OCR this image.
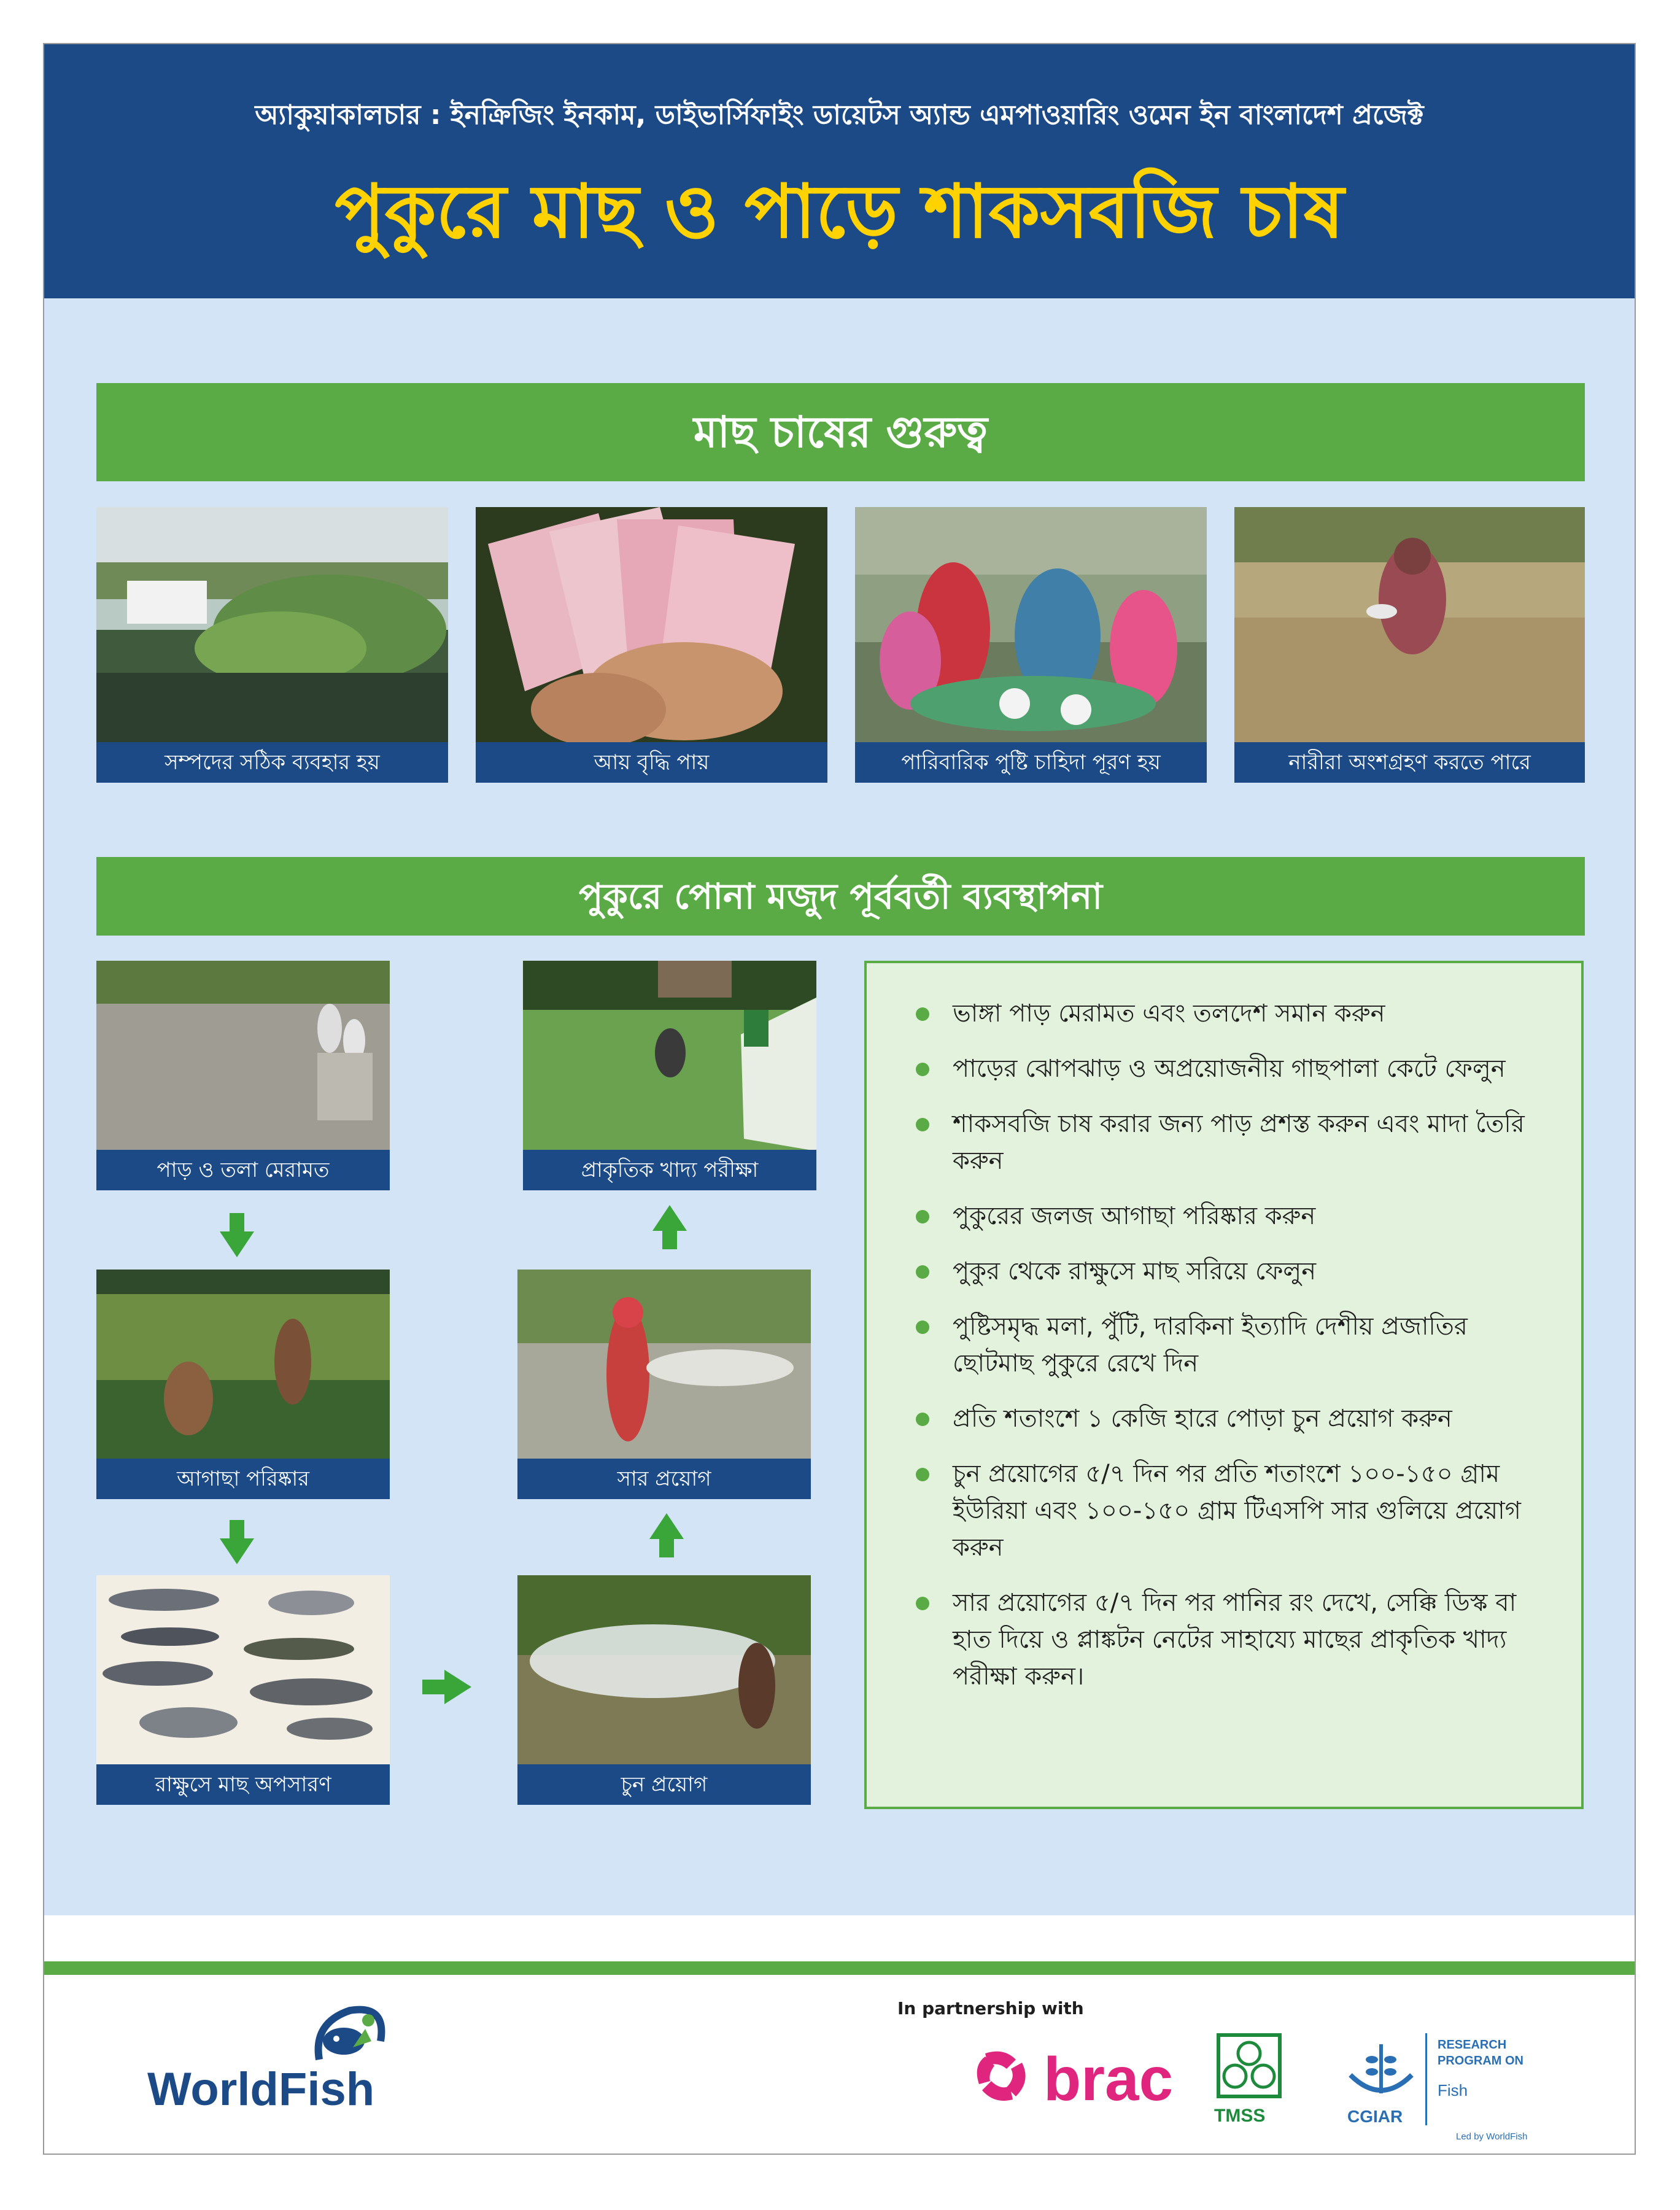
অ্যাকুয়াকালচার : ইনক্রিজিং ইনকাম, ডাইভার্সিফাইং ডায়েটস অ্যান্ড এমপাওয়ারিং ওমেন ইন বাংলাদেশ প্রজেক্ট
পুকুরে মাছ ও পাড়ে শাকসবজি চাষ
মাছ চাষের গুরুত্ব
সম্পদের সঠিক ব্যবহার হয়	আয় বৃদ্ধি পায়	পারিবারিক পুষ্টি চাহিদা পূরণ হয়	নারীরা অংশগ্রহণ করতে পারে
পুকুরে পোনা মজুদ পূর্ববর্তী ব্যবস্থাপনা
পাড় ও তলা মেরামত
আগাছা পরিষ্কার
রাক্ষুসে মাছ অপসারণ
প্রাকৃতিক খাদ্য পরীক্ষা
সার প্রয়োগ
চুন প্রয়োগ
ভাঙ্গা পাড় মেরামত এবং তলদেশ সমান করুন
পাড়ের ঝোপঝাড় ও অপ্রয়োজনীয় গাছপালা কেটে ফেলুন
শাকসবজি চাষ করার জন্য পাড় প্রশস্ত করুন এবং মাদা তৈরি করুন
পুকুরের জলজ আগাছা পরিষ্কার করুন
পুকুর থেকে রাক্ষুসে মাছ সরিয়ে ফেলুন
পুষ্টিসমৃদ্ধ মলা, পুঁটি, দারকিনা ইত্যাদি দেশীয় প্রজাতির ছোটমাছ পুকুরে রেখে দিন
প্রতি শতাংশে ১ কেজি হারে পোড়া চুন প্রয়োগ করুন
চুন প্রয়োগের ৫/৭ দিন পর প্রতি শতাংশে ১০০-১৫০ গ্রাম ইউরিয়া এবং ১০০-১৫০ গ্রাম টিএসপি সার গুলিয়ে প্রয়োগ করুন
সার প্রয়োগের ৫/৭ দিন পর পানির রং দেখে, সেক্কি ডিস্ক বা হাত দিয়ে ও প্লাঙ্কটন নেটের সাহায্যে মাছের প্রাকৃতিক খাদ্য পরীক্ষা করুন।
WorldFish
In partnership with
brac
TMSS	CGIAR
RESEARCH
PROGRAM ON
Fish
Led by WorldFish
